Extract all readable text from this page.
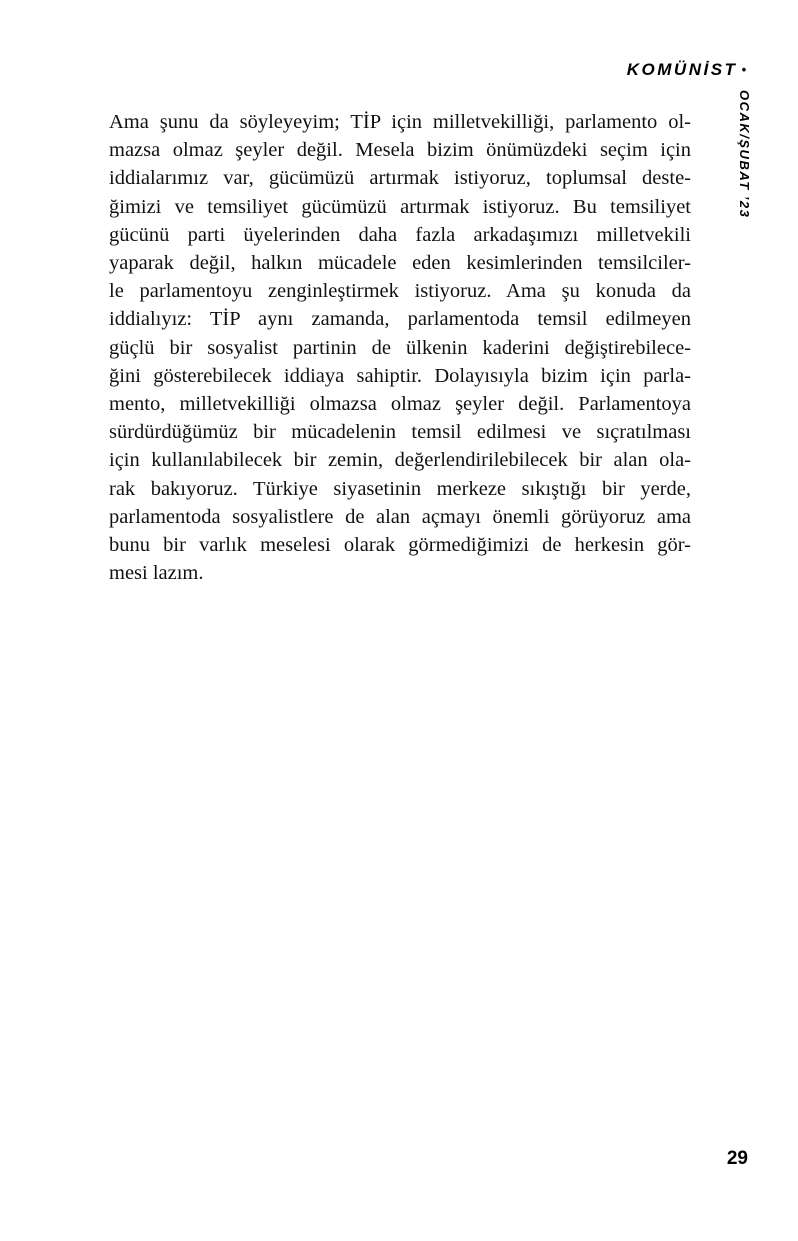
KOMÜNİST •
OCAK/ŞUBAT ’23
Ama şunu da söyleyeyim; TİP için milletvekilliği, parlamento ol-
mazsa olmaz şeyler değil. Mesela bizim önümüzdeki seçim için
iddialarımız var, gücümüzü artırmak istiyoruz, toplumsal deste-
ğimizi ve temsiliyet gücümüzü artırmak istiyoruz. Bu temsiliyet
gücünü parti üyelerinden daha fazla arkadaşımızı milletvekili
yaparak değil, halkın mücadele eden kesimlerinden temsilciler-
le parlamentoyu zenginleştirmek istiyoruz. Ama şu konuda da
iddialıyız: TİP aynı zamanda, parlamentoda temsil edilmeyen
güçlü bir sosyalist partinin de ülkenin kaderini değiştirebilece-
ğini gösterebilecek iddiaya sahiptir. Dolayısıyla bizim için parla-
mento, milletvekilliği olmazsa olmaz şeyler değil. Parlamentoya
sürdürdüğümüz bir mücadelenin temsil edilmesi ve sıçratılması
için kullanılabilecek bir zemin, değerlendirilebilecek bir alan ola-
rak bakıyoruz. Türkiye siyasetinin merkeze sıkıştığı bir yerde,
parlamentoda sosyalistlere de alan açmayı önemli görüyoruz ama
bunu bir varlık meselesi olarak görmediğimizi de herkesin gör-
mesi lazım.
29
